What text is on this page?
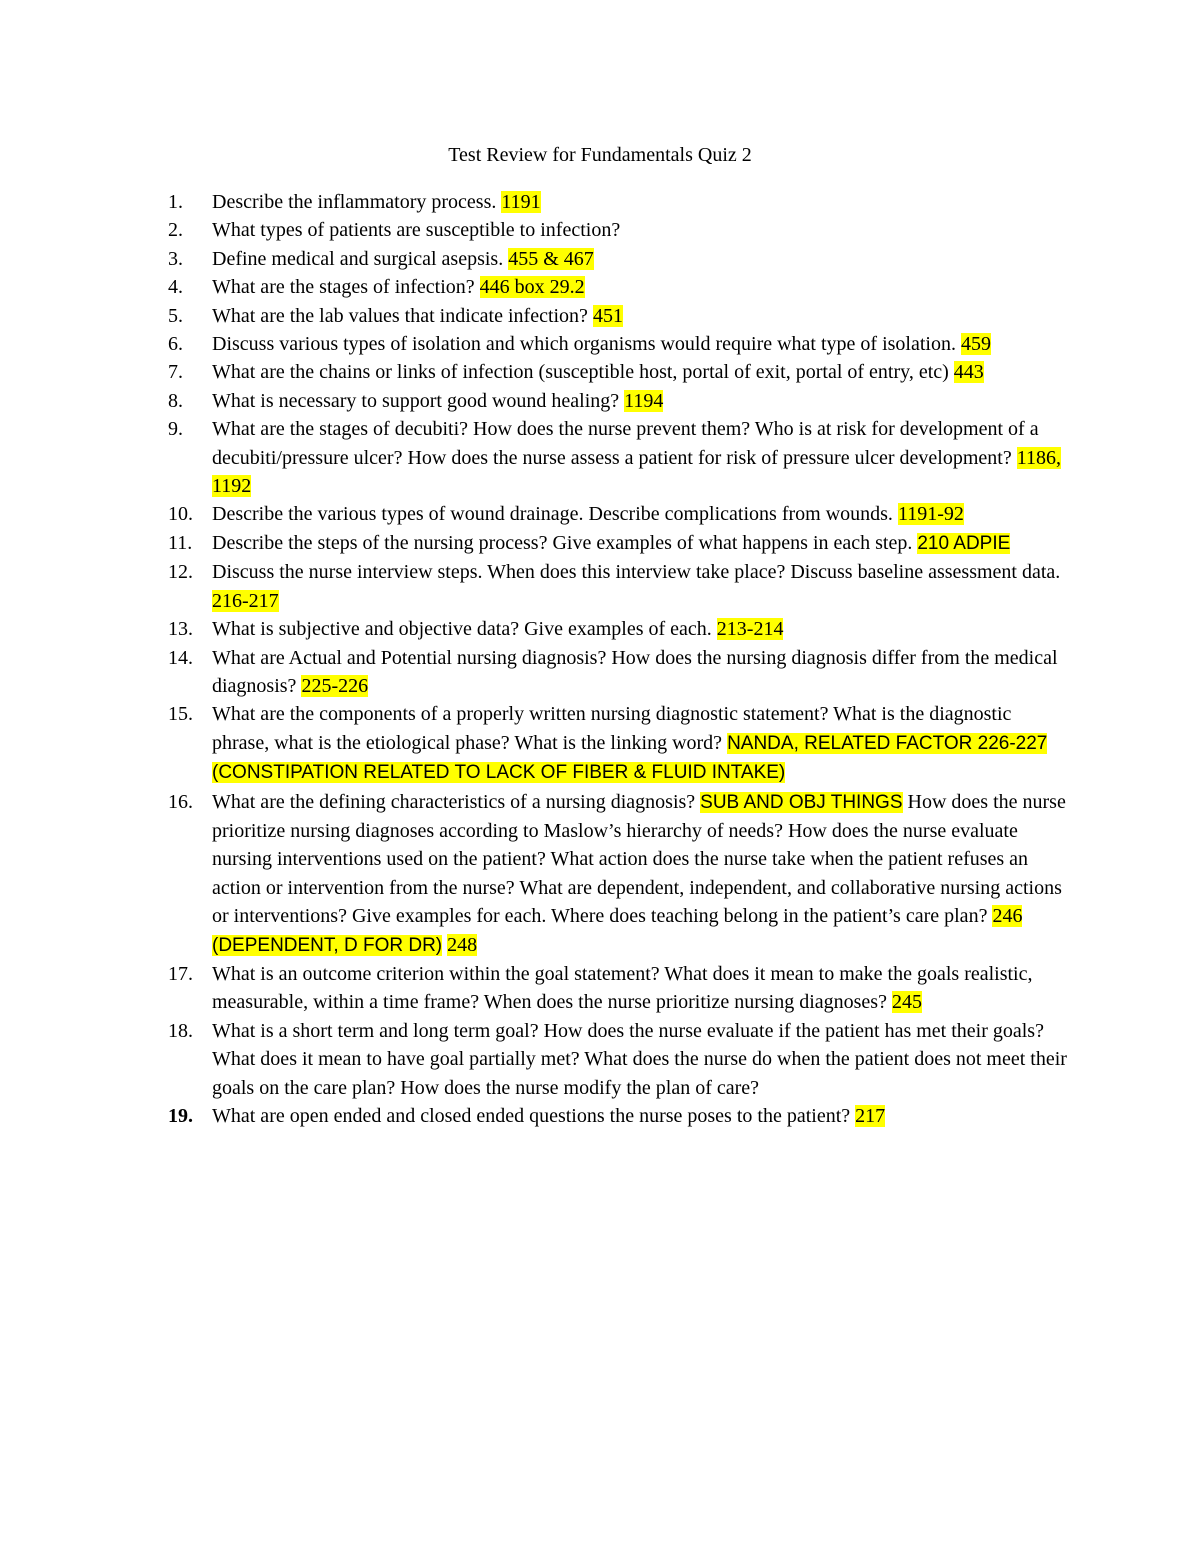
Test Review for Fundamentals Quiz 2
1.	Describe the inflammatory process. 1191
2.	What types of patients are susceptible to infection?
3.	Define medical and surgical asepsis. 455 & 467
4.	What are the stages of infection? 446 box 29.2
5.	What are the lab values that indicate infection? 451
6.	Discuss various types of isolation and which organisms would require what type of isolation. 459
7.	What are the chains or links of infection (susceptible host, portal of exit, portal of entry, etc) 443
8.	What is necessary to support good wound healing? 1194
9.	What are the stages of decubiti? How does the nurse prevent them? Who is at risk for development of a decubiti/pressure ulcer? How does the nurse assess a patient for risk of pressure ulcer development? 1186, 1192
10. Describe the various types of wound drainage. Describe complications from wounds. 1191-92
11. Describe the steps of the nursing process? Give examples of what happens in each step. 210 ADPIE
12. Discuss the nurse interview steps. When does this interview take place? Discuss baseline assessment data. 216-217
13. What is subjective and objective data? Give examples of each. 213-214
14. What are Actual and Potential nursing diagnosis? How does the nursing diagnosis differ from the medical diagnosis? 225-226
15. What are the components of a properly written nursing diagnostic statement? What is the diagnostic phrase, what is the etiological phase? What is the linking word? NANDA, RELATED FACTOR 226-227 (CONSTIPATION RELATED TO LACK OF FIBER & FLUID INTAKE)
16. What are the defining characteristics of a nursing diagnosis? SUB AND OBJ THINGS How does the nurse prioritize nursing diagnoses according to Maslow’s hierarchy of needs? How does the nurse evaluate nursing interventions used on the patient? What action does the nurse take when the patient refuses an action or intervention from the nurse? What are dependent, independent, and collaborative nursing actions or interventions? Give examples for each. Where does teaching belong in the patient’s care plan? 246 (DEPENDENT, D FOR DR) 248
17. What is an outcome criterion within the goal statement? What does it mean to make the goals realistic, measurable, within a time frame? When does the nurse prioritize nursing diagnoses? 245
18. What is a short term and long term goal? How does the nurse evaluate if the patient has met their goals? What does it mean to have goal partially met? What does the nurse do when the patient does not meet their goals on the care plan? How does the nurse modify the plan of care?
19. What are open ended and closed ended questions the nurse poses to the patient? 217
